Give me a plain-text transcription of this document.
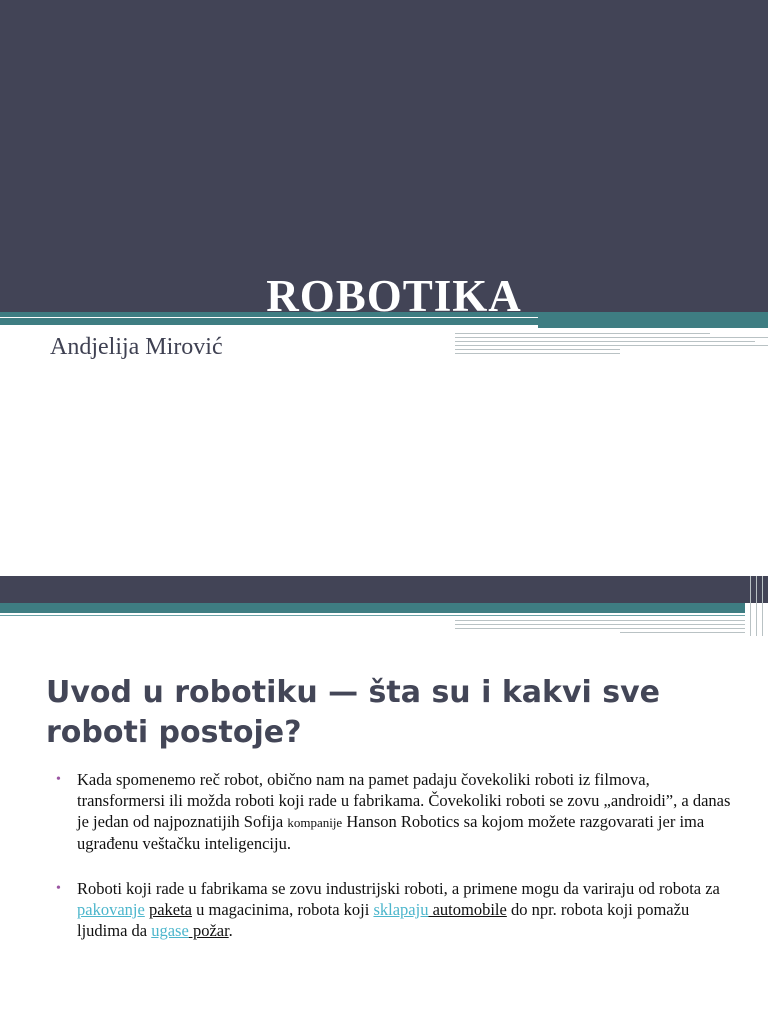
ROBOTIKA
Andjelija Mirović
Uvod u robotiku — šta su i kakvi sve roboti postoje?
• Kada spomenemo reč robot, obično nam na pamet padaju čovekoliki roboti iz filmova, transformersi ili možda roboti koji rade u fabrikama. Čovekoliki roboti se zovu „androidi”, a danas je jedan od najpoznatijih Sofija kompanije Hanson Robotics sa kojom možete razgovarati jer ima ugrađenu veštačku inteligenciju.
• Roboti koji rade u fabrikama se zovu industrijski roboti, a primene mogu da variraju od robota za pakovanje paketa u magacinima, robota koji sklapaju automobile do npr. robota koji pomažu ljudima da ugase požar.
